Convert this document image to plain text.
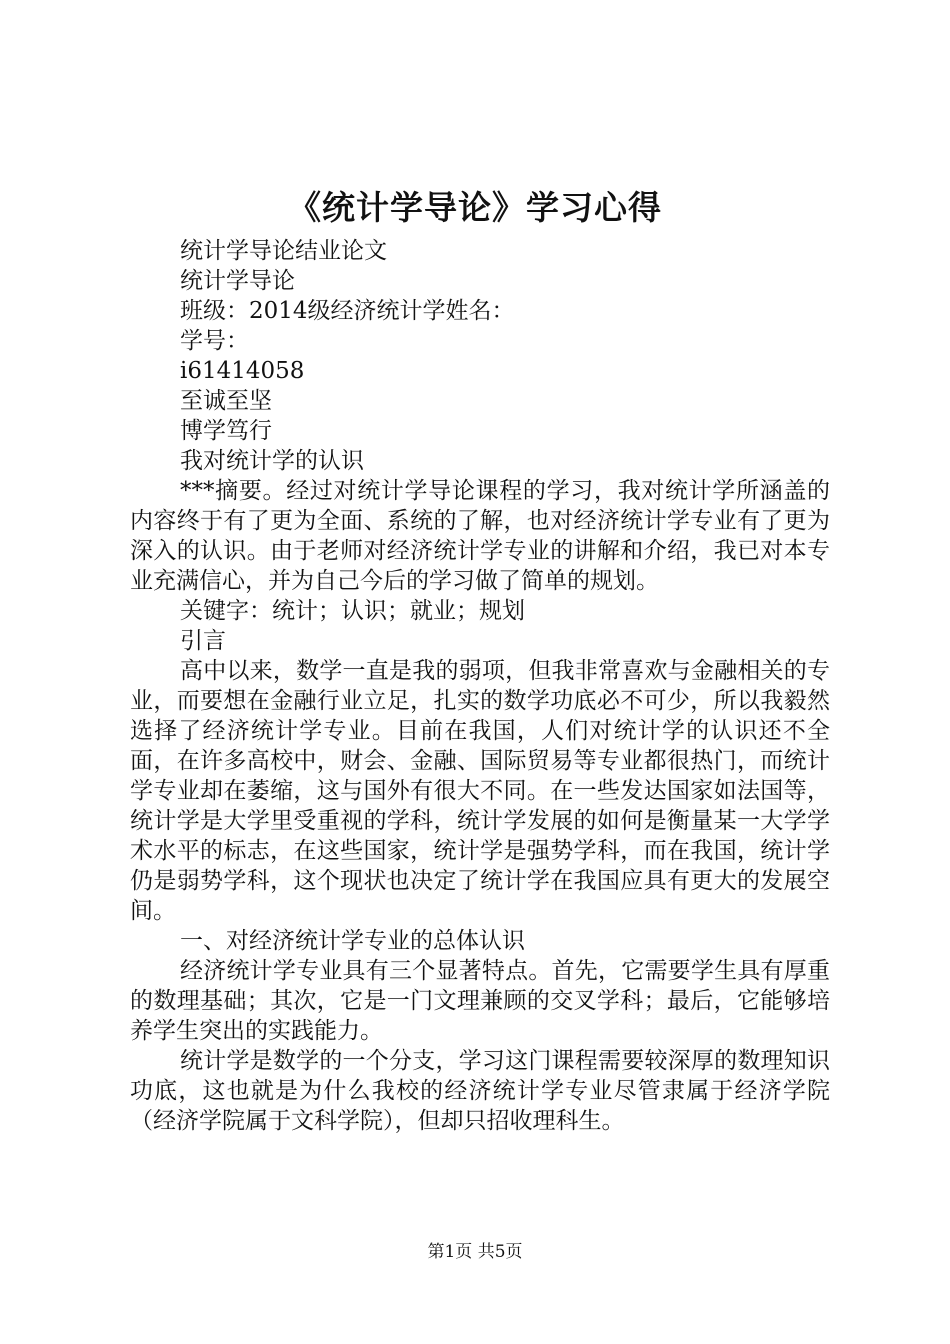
《统计学导论》学习心得

统计学导论结业论文

统计学导论

班级：2014级经济统计学姓名：

学号：

i61414058

至诚至坚

博学笃行

我对统计学的认识

***摘要。经过对统计学导论课程的学习，我对统计学所涵盖的内容终于有了更为全面、系统的了解，也对经济统计学专业有了更为深入的认识。由于老师对经济统计学专业的讲解和介绍，我已对本专业充满信心，并为自己今后的学习做了简单的规划。

关键字：统计；认识；就业；规划

引言

高中以来，数学一直是我的弱项，但我非常喜欢与金融相关的专业，而要想在金融行业立足，扎实的数学功底必不可少，所以我毅然选择了经济统计学专业。目前在我国，人们对统计学的认识还不全面，在许多高校中，财会、金融、国际贸易等专业都很热门，而统计学专业却在萎缩，这与国外有很大不同。在一些发达国家如法国等，统计学是大学里受重视的学科，统计学发展的如何是衡量某一大学学术水平的标志，在这些国家，统计学是强势学科，而在我国，统计学仍是弱势学科，这个现状也决定了统计学在我国应具有更大的发展空间。

一、对经济统计学专业的总体认识

经济统计学专业具有三个显著特点。首先，它需要学生具有厚重的数理基础；其次，它是一门文理兼顾的交叉学科；最后，它能够培养学生突出的实践能力。

统计学是数学的一个分支，学习这门课程需要较深厚的数理知识功底，这也就是为什么我校的经济统计学专业尽管隶属于经济学院（经济学院属于文科学院），但却只招收理科生。

第1页 共5页
